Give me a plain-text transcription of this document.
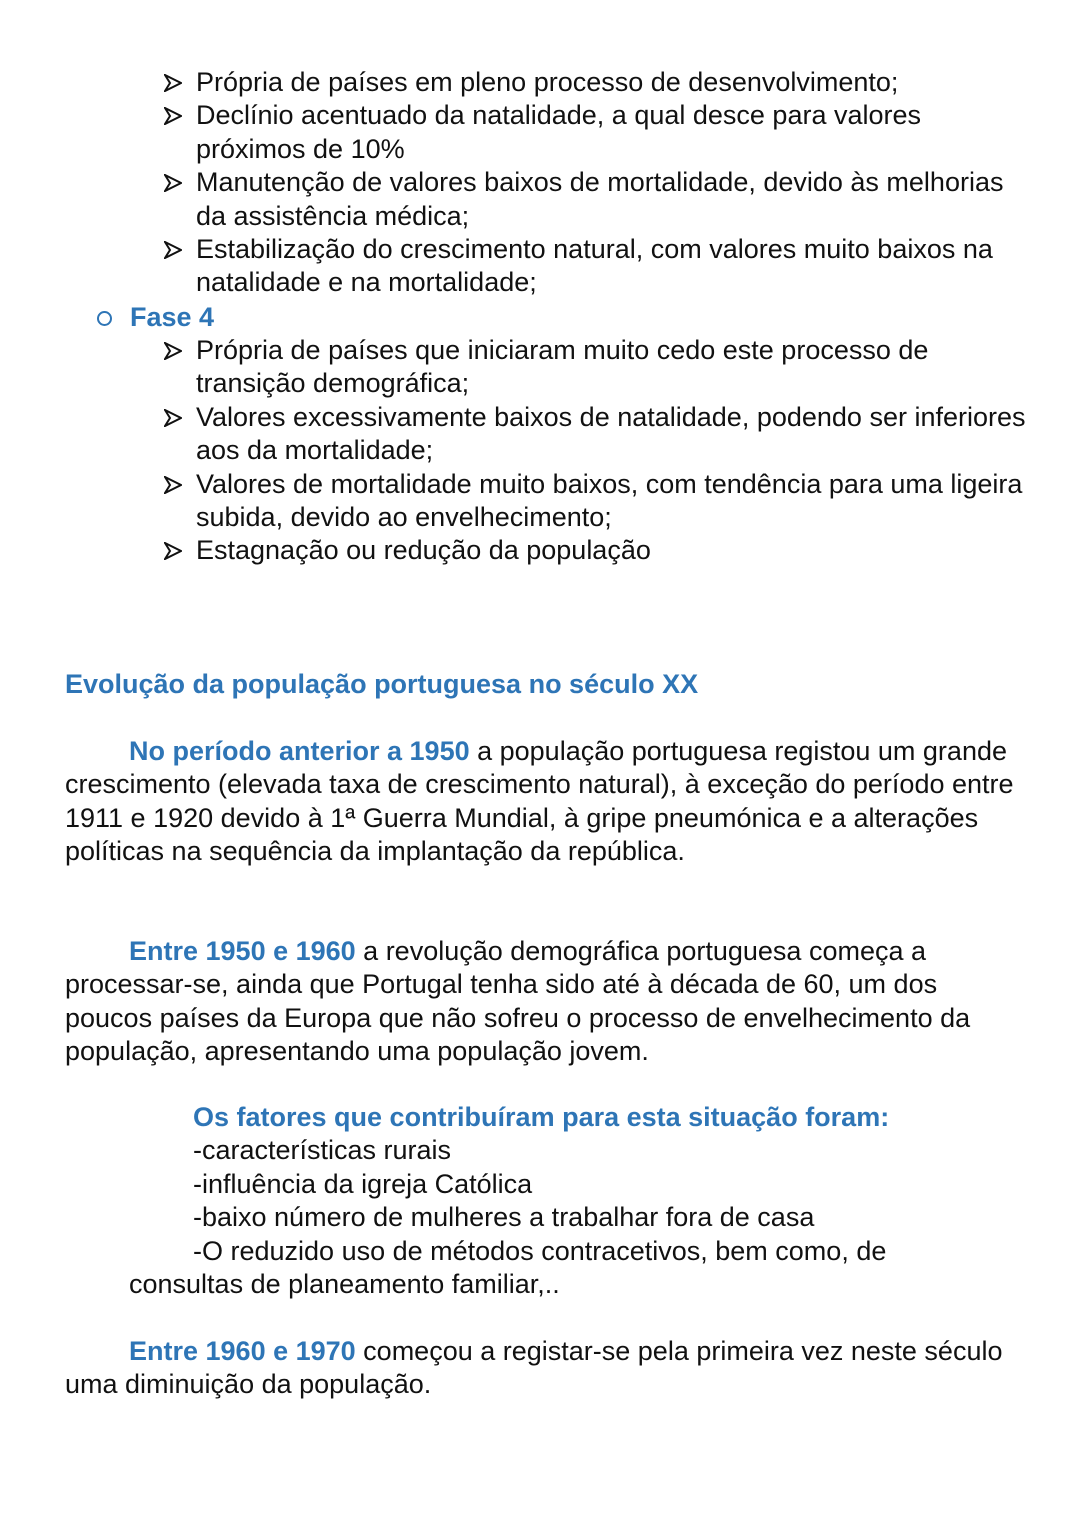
Própria de países em pleno processo de desenvolvimento;
Declínio acentuado da natalidade, a qual desce para valores próximos de 10%
Manutenção de valores baixos de mortalidade, devido às melhorias da assistência médica;
Estabilização do crescimento natural, com valores muito baixos na natalidade e na mortalidade;
Fase 4
Própria de países que iniciaram muito cedo este processo de transição demográfica;
Valores excessivamente baixos de natalidade, podendo ser inferiores aos da mortalidade;
Valores de mortalidade muito baixos, com tendência para uma ligeira subida, devido ao envelhecimento;
Estagnação ou redução da população
Evolução da população portuguesa no século XX

No período anterior a 1950 a população portuguesa registou um grande crescimento (elevada taxa de crescimento natural), à exceção do período entre 1911 e 1920 devido à 1ª Guerra Mundial, à gripe pneumónica e a alterações políticas na sequência da implantação da república.

Entre 1950 e 1960 a revolução demográfica portuguesa começa a processar-se, ainda que Portugal tenha sido até à década de 60, um dos poucos países da Europa que não sofreu o processo de envelhecimento da população, apresentando uma população jovem.

Os fatores que contribuíram para esta situação foram:
-características rurais
-influência da igreja Católica
-baixo número de mulheres a trabalhar fora de casa
-O reduzido uso de métodos contracetivos, bem como, de
consultas de planeamento familiar,..

Entre 1960 e 1970 começou a registar-se pela primeira vez neste século uma diminuição da população.
